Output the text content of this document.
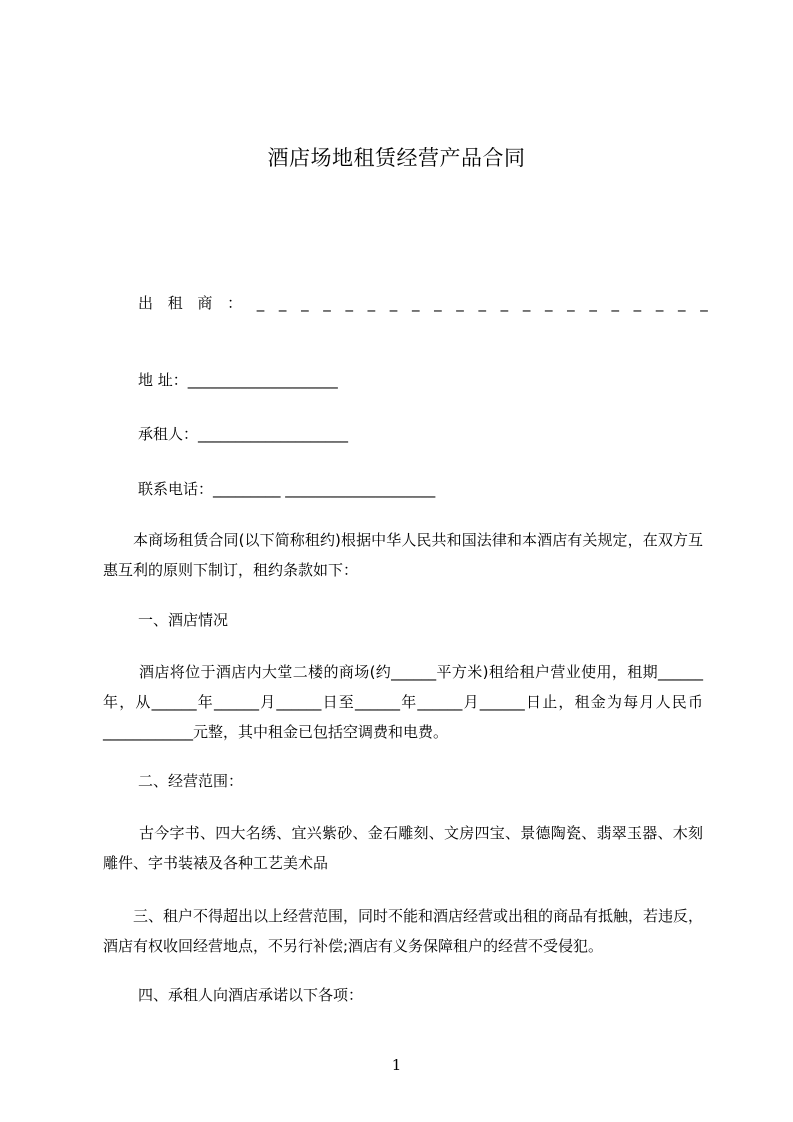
酒店场地租赁经营产品合同
出 租 商 ： _ _ _ _ _ _ _ _ _ _ _ _ _ _ _ _ _ _ _ _ _
地 址：____________________
承租人：____________________
联系电话：_________ ____________________
本商场租赁合同(以下简称租约)根据中华人民共和国法律和本酒店有关规定，在双方互惠互利的原则下制订，租约条款如下：
一、酒店情况
酒店将位于酒店内大堂二楼的商场(约______平方米)租给租户营业使用，租期______年，从______年______月______日至______年______月______日止，租金为每月人民币____________元整，其中租金已包括空调费和电费。
二、经营范围：
古今字书、四大名绣、宜兴紫砂、金石雕刻、文房四宝、景德陶瓷、翡翠玉器、木刻雕件、字书装裱及各种工艺美术品
三、租户不得超出以上经营范围，同时不能和酒店经营或出租的商品有抵触，若违反，酒店有权收回经营地点，不另行补偿;酒店有义务保障租户的经营不受侵犯。
四、承租人向酒店承诺以下各项：
1
